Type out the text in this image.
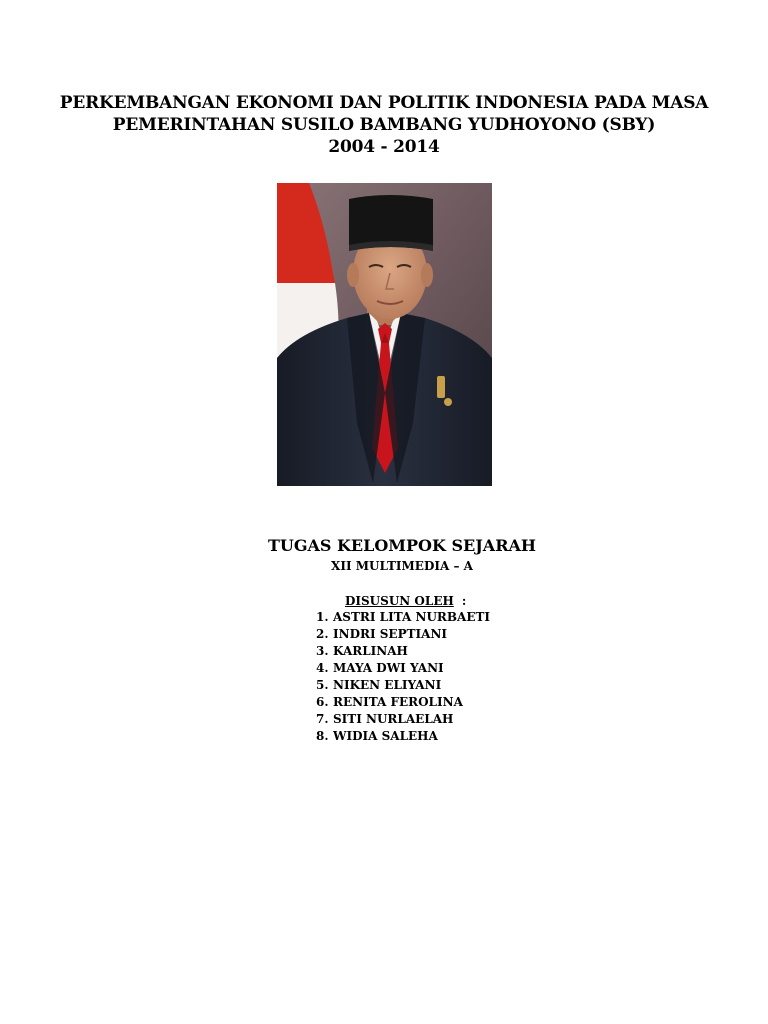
PERKEMBANGAN EKONOMI DAN POLITIK INDONESIA PADA MASA
PEMERINTAHAN SUSILO BAMBANG YUDHOYONO (SBY)
2004 - 2014
TUGAS KELOMPOK SEJARAH
XII MULTIMEDIA – A
DISUSUN OLEH :
1. ASTRI LITA NURBAETI
2. INDRI SEPTIANI
3. KARLINAH
4. MAYA DWI YANI
5. NIKEN ELIYANI
6. RENITA FEROLINA
7. SITI NURLAELAH
8. WIDIA SALEHA
